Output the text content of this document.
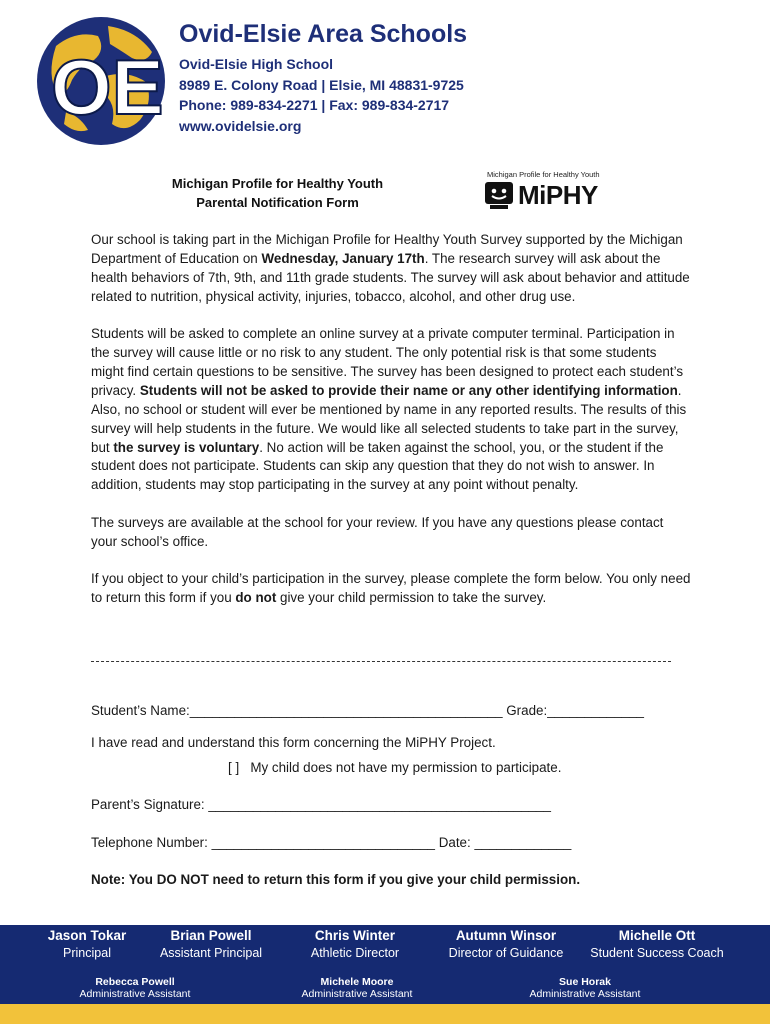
OE
Ovid-Elsie Area Schools
Ovid-Elsie High School
8989 E. Colony Road | Elsie, MI 48831-9725
Phone: 989-834-2271 | Fax: 989-834-2717
www.ovidelsie.org
Michigan Profile for Healthy Youth
Parental Notification Form
Michigan Profile for Healthy Youth
MiPHY

Our school is taking part in the Michigan Profile for Healthy Youth Survey supported by the Michigan Department of Education on Wednesday, January 17th. The research survey will ask about the health behaviors of 7th, 9th, and 11th grade students. The survey will ask about behavior and attitude related to nutrition, physical activity, injuries, tobacco, alcohol, and other drug use.

Students will be asked to complete an online survey at a private computer terminal. Participation in the survey will cause little or no risk to any student. The only potential risk is that some students might find certain questions to be sensitive. The survey has been designed to protect each student’s privacy. Students will not be asked to provide their name or any other identifying information. Also, no school or student will ever be mentioned by name in any reported results. The results of this survey will help students in the future. We would like all selected students to take part in the survey, but the survey is voluntary. No action will be taken against the school, you, or the student if the student does not participate. Students can skip any question that they do not wish to answer. In addition, students may stop participating in the survey at any point without penalty.

The surveys are available at the school for your review. If you have any questions please contact your school’s office.

If you object to your child’s participation in the survey, please complete the form below. You only need to return this form if you do not give your child permission to take the survey.

Student’s Name:__________________________________________ Grade:_____________
I have read and understand this form concerning the MiPHY Project.
[ ] My child does not have my permission to participate.
Parent’s Signature: ______________________________________________
Telephone Number: ______________________________ Date: _____________
Note: You DO NOT need to return this form if you give your child permission.
Jason Tokar
Principal
Brian Powell
Assistant Principal
Chris Winter
Athletic Director
Autumn Winsor
Director of Guidance
Michelle Ott
Student Success Coach
Rebecca Powell
Administrative Assistant
Michele Moore
Administrative Assistant
Sue Horak
Administrative Assistant
